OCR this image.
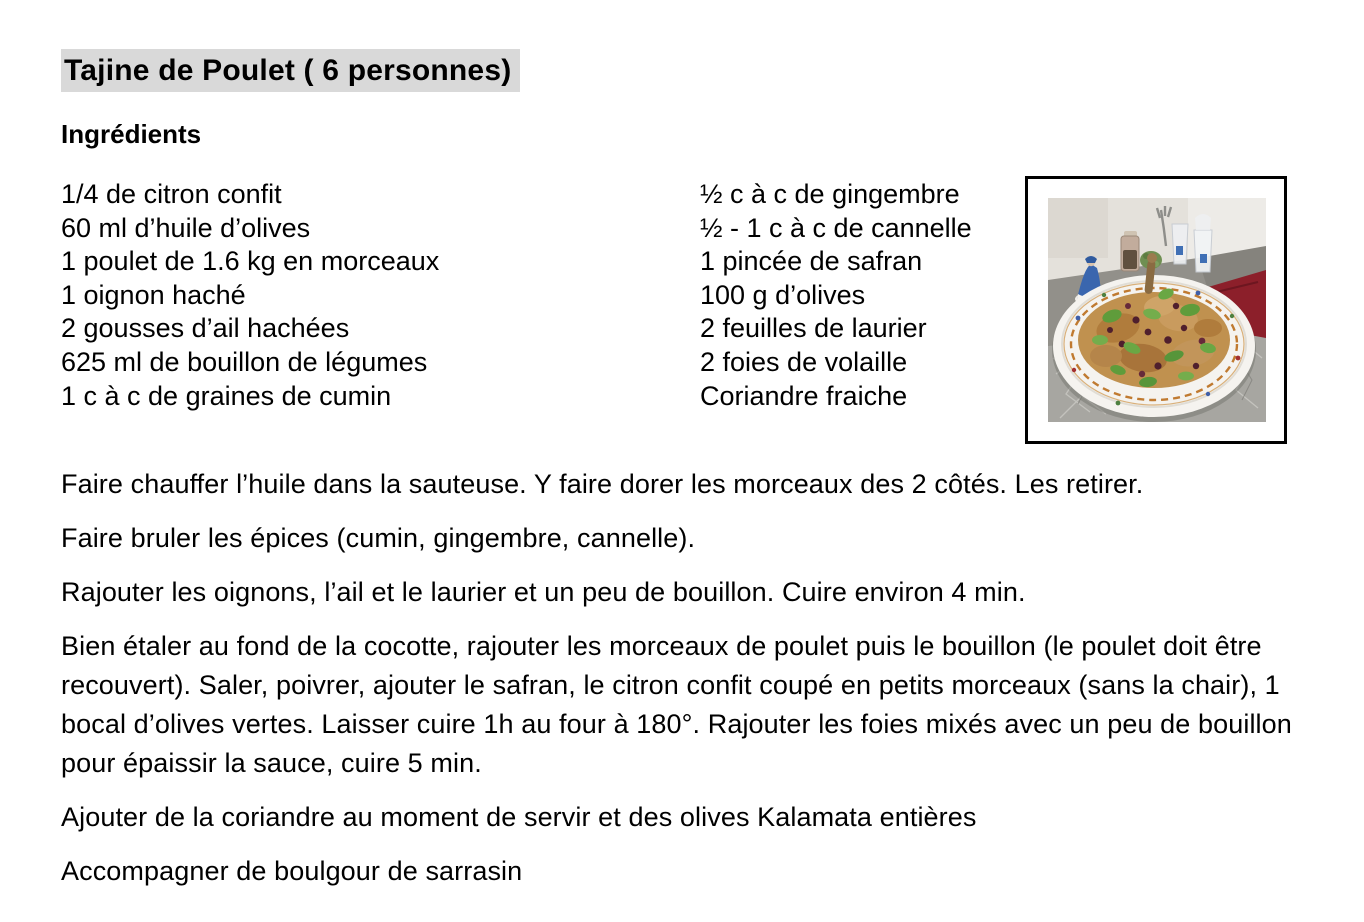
Tajine de Poulet ( 6 personnes)
Ingrédients
1/4 de citron confit
60 ml d’huile d’olives
1 poulet de 1.6 kg en morceaux
1 oignon haché
2 gousses d’ail hachées
625 ml de bouillon de légumes
1 c à c de graines de cumin
½ c à c de gingembre
½ - 1 c à c de cannelle
1 pincée de safran
100 g d’olives
2 feuilles de laurier
2 foies de volaille
Coriandre fraiche

Faire chauffer l’huile dans la sauteuse. Y faire dorer les morceaux des 2 côtés. Les retirer.

Faire bruler les épices (cumin, gingembre, cannelle).

Rajouter les oignons, l’ail et le laurier et un peu de bouillon. Cuire environ 4 min.

Bien étaler au fond de la cocotte, rajouter les morceaux de poulet puis le bouillon (le poulet doit être recouvert). Saler, poivrer, ajouter le safran, le citron confit coupé en petits morceaux (sans la chair), 1 bocal d’olives vertes. Laisser cuire 1h au four à 180°. Rajouter les foies mixés avec un peu de bouillon pour épaissir la sauce, cuire 5 min.

Ajouter de la coriandre au moment de servir et des olives Kalamata entières

Accompagner de boulgour de sarrasin
